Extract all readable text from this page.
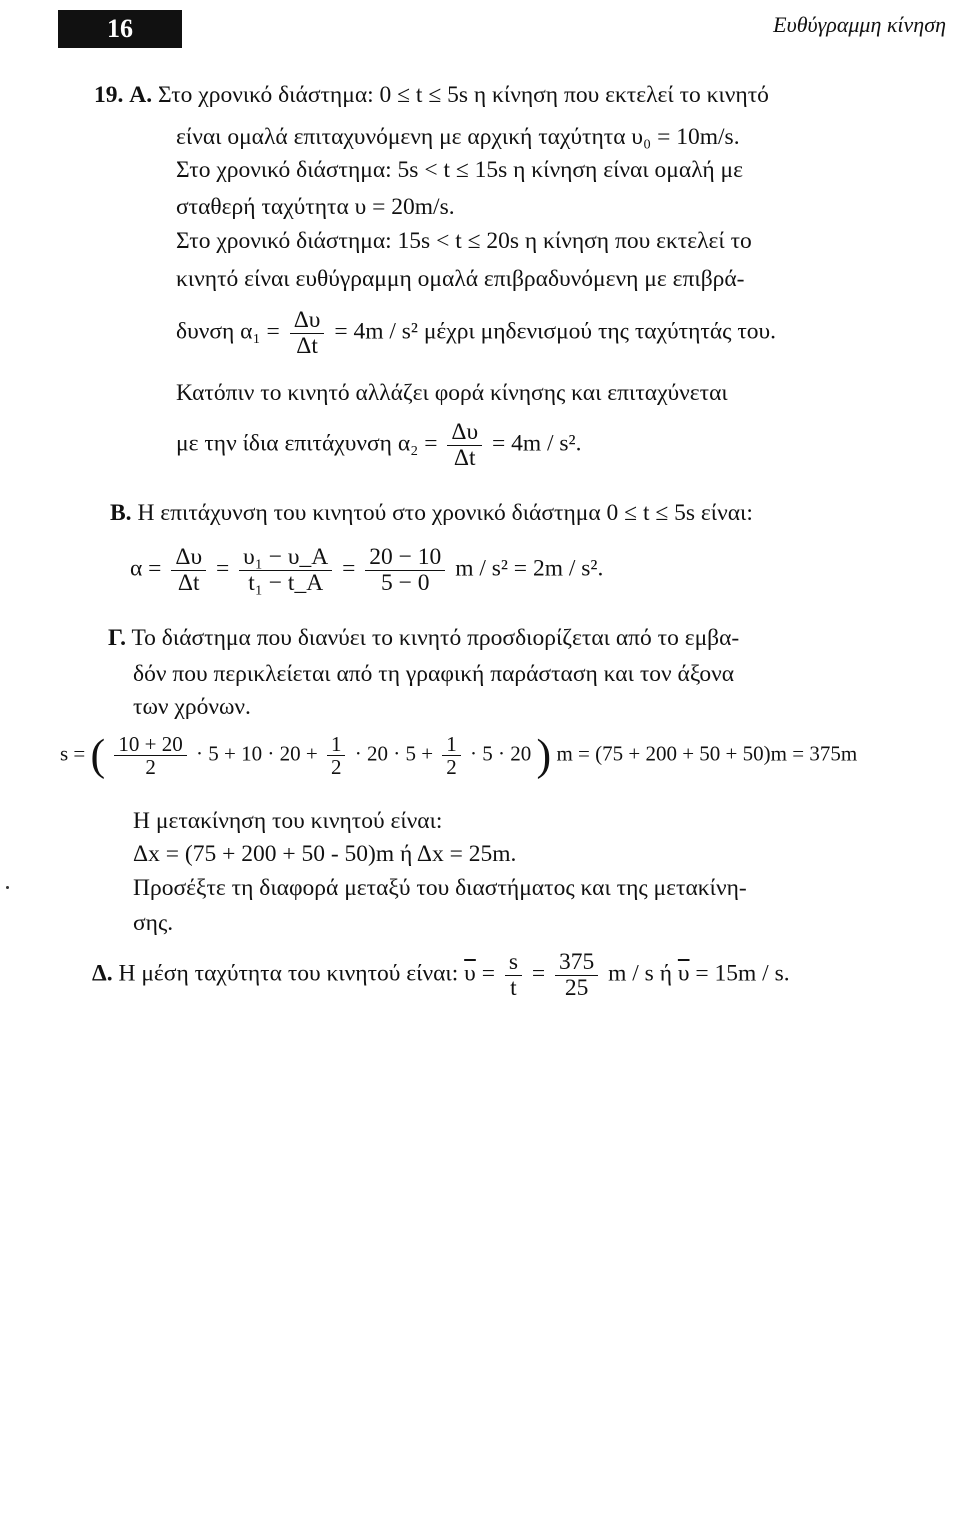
16	Ευθύγραμμη κίνηση
19. Α. Στο χρονικό διάστημα: 0 ≤ t ≤ 5s η κίνηση που εκτελεί το κινητό
είναι ομαλά επιταχυνόμενη με αρχική ταχύτητα υ₀ = 10m/s.
Στο χρονικό διάστημα: 5s < t ≤ 15s η κίνηση είναι ομαλή με
σταθερή ταχύτητα υ = 20m/s.
Στο χρονικό διάστημα: 15s < t ≤ 20s η κίνηση που εκτελεί το
κινητό είναι ευθύγραμμη ομαλά επιβραδυνόμενη με επιβρά-
δυνση $\alpha_1 = \frac{\Delta\upsilon}{\Delta t} = 4m / s^2$ μέχρι μηδενισμού της ταχύτητάς του.
Κατόπιν το κινητό αλλάζει φορά κίνησης και επιταχύνεται
με την ίδια επιτάχυνση $\alpha_2 = \frac{\Delta\upsilon}{\Delta t} = 4m / s^2$.
Β. Η επιτάχυνση του κινητού στο χρονικό διάστημα 0 ≤ t ≤ 5s είναι:
$\alpha = \frac{\Delta\upsilon}{\Delta t} = \frac{\text{υ₁ − υ\_A}}{\text{t₁ − t\_A}} = \frac{20 - 10}{5 - 0}$ m / s² = 2m / s².
Γ. Το διάστημα που διανύει το κινητό προσδιορίζεται από το εμβα-
δόν που περικλείεται από τη γραφική παράσταση και τον άξονα
των χρόνων.
s = ( $\frac{10 + 20}{2} \cdot 5 + 10 \cdot 20 + \frac{1}{2} \cdot 20 \cdot 5 + \frac{1}{2} \cdot 5 \cdot 20$ ) m = (75 + 200 + 50 + 50)m = 375m
Η μετακίνηση του κινητού είναι:
Δx = (75 + 200 + 50 - 50)m ή Δx = 25m.
Προσέξτε τη διαφορά μεταξύ του διαστήματος και της μετακίνη-
σης.
Δ. Η μέση ταχύτητα του κινητού είναι: $\overline{\upsilon} = \frac{s}{t} = \frac{375}{25}$ m / s ή $\overline{\upsilon} = 15m / s$.
